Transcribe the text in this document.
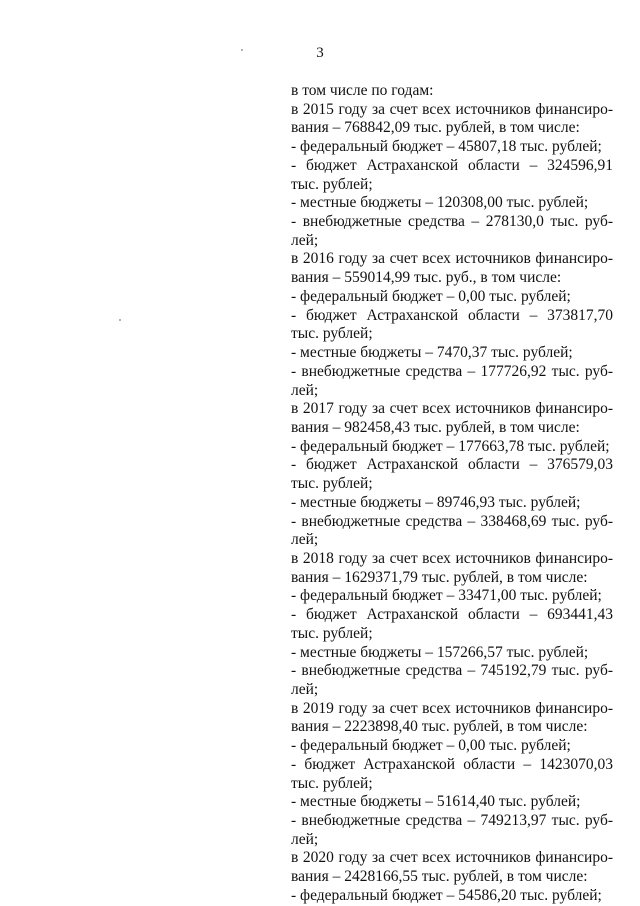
3
в том числе по годам:
в 2015 году за счет всех источников финансиро-
вания – 768842,09 тыс. рублей, в том числе:
- федеральный бюджет – 45807,18 тыс. рублей;
- бюджет Астраханской области – 324596,91
тыс. рублей;
- местные бюджеты – 120308,00 тыс. рублей;
- внебюджетные средства – 278130,0 тыс. руб-
лей;
в 2016 году за счет всех источников финансиро-
вания – 559014,99 тыс. руб., в том числе:
- федеральный бюджет – 0,00 тыс. рублей;
- бюджет Астраханской области – 373817,70
тыс. рублей;
- местные бюджеты – 7470,37 тыс. рублей;
- внебюджетные средства – 177726,92 тыс. руб-
лей;
в 2017 году за счет всех источников финансиро-
вания – 982458,43 тыс. рублей, в том числе:
- федеральный бюджет – 177663,78 тыс. рублей;
- бюджет Астраханской области – 376579,03
тыс. рублей;
- местные бюджеты – 89746,93 тыс. рублей;
- внебюджетные средства – 338468,69 тыс. руб-
лей;
в 2018 году за счет всех источников финансиро-
вания – 1629371,79 тыс. рублей, в том числе:
- федеральный бюджет – 33471,00 тыс. рублей;
- бюджет Астраханской области – 693441,43
тыс. рублей;
- местные бюджеты – 157266,57 тыс. рублей;
- внебюджетные средства – 745192,79 тыс. руб-
лей;
в 2019 году за счет всех источников финансиро-
вания – 2223898,40 тыс. рублей, в том числе:
- федеральный бюджет – 0,00 тыс. рублей;
- бюджет Астраханской области – 1423070,03
тыс. рублей;
- местные бюджеты – 51614,40 тыс. рублей;
- внебюджетные средства – 749213,97 тыс. руб-
лей;
в 2020 году за счет всех источников финансиро-
вания – 2428166,55 тыс. рублей, в том числе:
- федеральный бюджет – 54586,20 тыс. рублей;
